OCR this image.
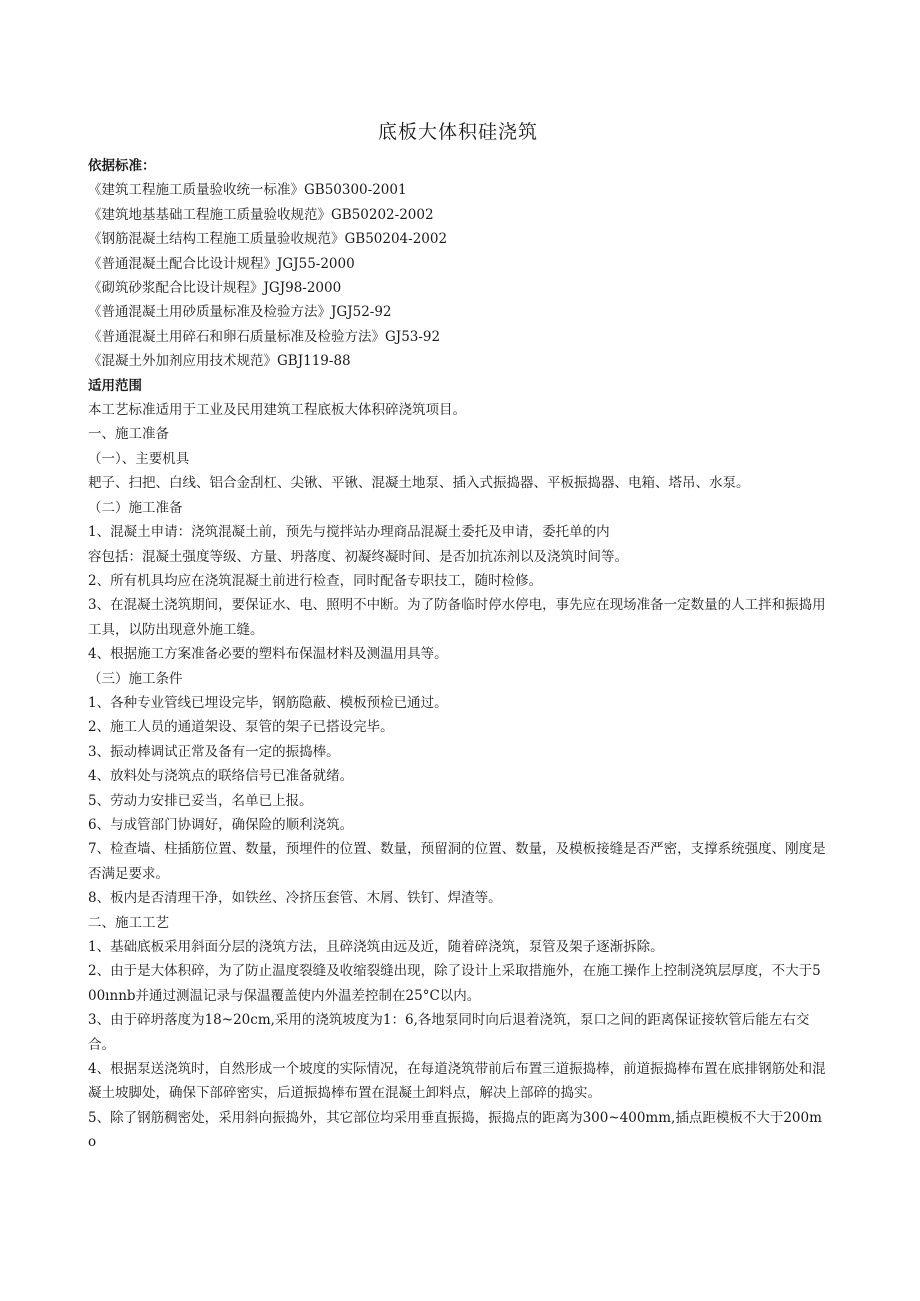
底板大体积硅浇筑

依据标准：

《建筑工程施工质量验收统一标准》GB50300-2001

《建筑地基基础工程施工质量验收规范》GB50202-2002

《钢筋混凝土结构工程施工质量验收规范》GB50204-2002

《普通混凝土配合比设计规程》JGJ55-2000

《砌筑砂浆配合比设计规程》JGJ98-2000

《普通混凝土用砂质量标准及检验方法》JGJ52-92

《普通混凝土用碎石和卵石质量标准及检验方法》GJ53-92

《混凝土外加剂应用技术规范》GBJ119-88

适用范围

本工艺标准适用于工业及民用建筑工程底板大体积碎浇筑项目。

一、施工准备

（一）、主要机具

耙子、扫把、白线、铝合金刮杠、尖锹、平锹、混凝土地泵、插入式振捣器、平板振捣器、电箱、塔吊、水泵。

（二）施工准备

1、混凝土申请：浇筑混凝土前，预先与搅拌站办理商品混凝土委托及申请，委托单的内

容包括：混凝土强度等级、方量、坍落度、初凝终凝时间、是否加抗冻剂以及浇筑时间等。

2、所有机具均应在浇筑混凝土前进行检查，同时配备专职技工，随时检修。

3、在混凝土浇筑期间，要保证水、电、照明不中断。为了防备临时停水停电，事先应在现场准备一定数量的人工拌和振捣用工具，以防出现意外施工缝。

4、根据施工方案准备必要的塑料布保温材料及测温用具等。

（三）施工条件

1、各种专业管线已埋设完毕，钢筋隐蔽、模板预检已通过。

2、施工人员的通道架设、泵管的架子已搭设完毕。

3、振动棒调试正常及备有一定的振捣棒。

4、放料处与浇筑点的联络信号已准备就绪。

5、劳动力安排已妥当，名单已上报。

6、与成管部门协调好，确保险的顺利浇筑。

7、检查墙、柱插筋位置、数量，预埋件的位置、数量，预留洞的位置、数量，及模板接缝是否严密，支撑系统强度、刚度是否满足要求。

8、板内是否清理干净，如铁丝、冷挤压套管、木屑、铁钉、焊渣等。

二、施工工艺

1、基础底板采用斜面分层的浇筑方法，且碎浇筑由远及近，随着碎浇筑，泵管及架子逐渐拆除。

2、由于是大体积碎，为了防止温度裂缝及收缩裂缝出现，除了设计上采取措施外，在施工操作上控制浇筑层厚度，不大于500ınnb并通过测温记录与保温覆盖使内外温差控制在25°C以内。

3、由于碎坍落度为18~20cm,采用的浇筑坡度为1：6,各地泵同时向后退着浇筑，泵口之间的距离保证接软管后能左右交合。

4、根据泵送浇筑时，自然形成一个坡度的实际情况，在每道浇筑带前后布置三道振捣棒，前道振捣棒布置在底排钢筋处和混凝土坡脚处，确保下部碎密实，后道振捣棒布置在混凝土卸料点，解决上部碎的捣实。

5、除了钢筋稠密处，采用斜向振捣外，其它部位均采用垂直振捣，振捣点的距离为300~400mm,插点距模板不大于200mo
